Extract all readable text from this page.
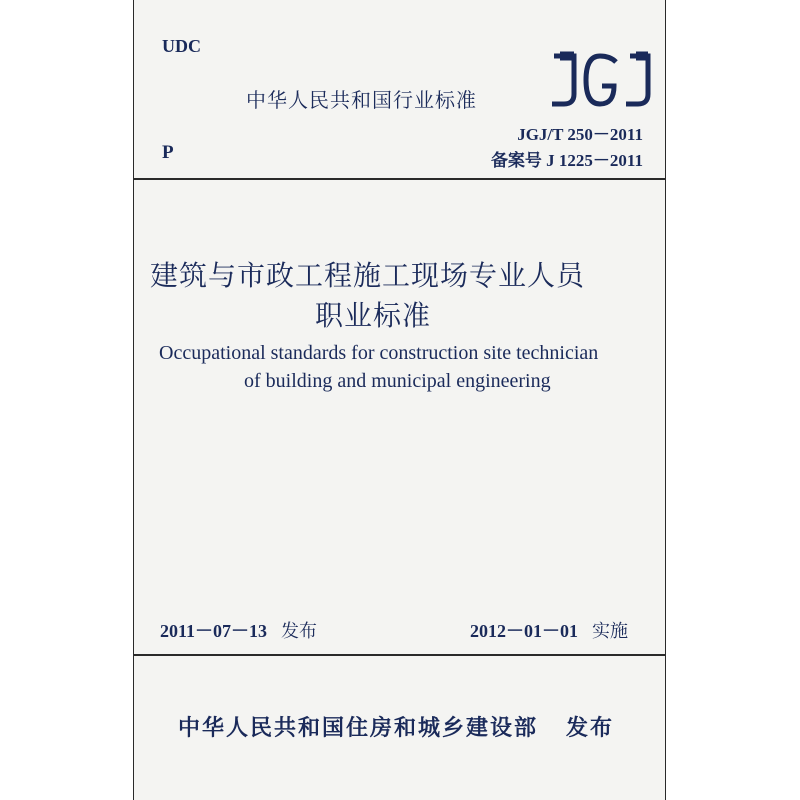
UDC
中华人民共和国行业标准
P
JGJ/T 250－2011
备案号 J 1225－2011
建筑与市政工程施工现场专业人员
职业标准
Occupational standards for construction site technician
of building and municipal engineering
2011－07－13 发布	2012－01－01 实施
中华人民共和国住房和城乡建设部 发布
